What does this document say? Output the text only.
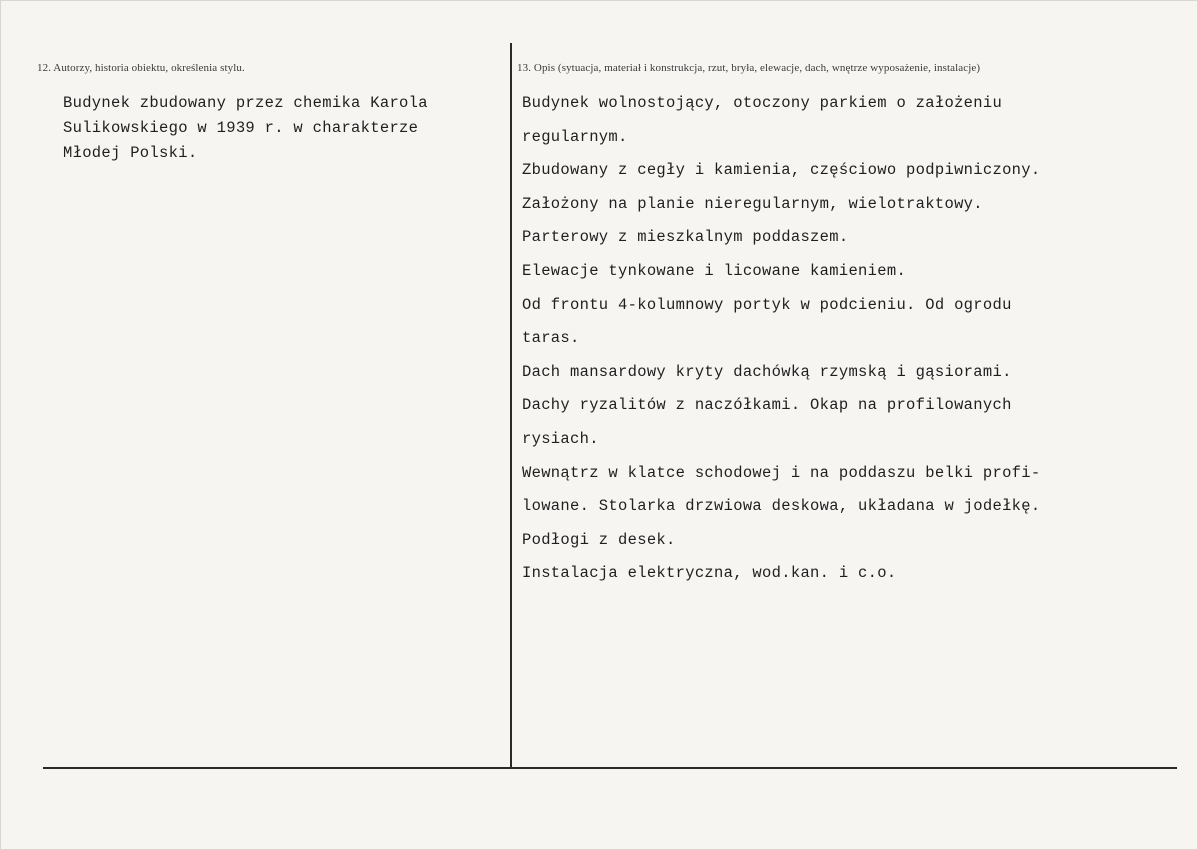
12. Autorzy, historia obiektu, określenia stylu.
Budynek zbudowany przez chemika Karola
Sulikowskiego w 1939 r. w charakterze
Młodej Polski.
13. Opis (sytuacja, materiał i konstrukcja, rzut, bryła, elewacje, dach, wnętrze wyposażenie, instalacje)
Budynek wolnostojący, otoczony parkiem o założeniu
regularnym.
Zbudowany z cegły i kamienia, częściowo podpiwniczony.
Założony na planie nieregularnym, wielotraktowy.
Parterowy z mieszkalnym poddaszem.
Elewacje tynkowane i licowane kamieniem.
Od frontu 4-kolumnowy portyk w podcieniu. Od ogrodu
taras.
Dach mansardowy kryty dachówką rzymską i gąsiorami.
Dachy ryzalitów z naczółkami. Okap na profilowanych
rysiach.
Wewnątrz w klatce schodowej i na poddaszu belki profi-
lowane. Stolarka drzwiowa deskowa, układana w jodełkę.
Podłogi z desek.
Instalacja elektryczna, wod.kan. i c.o.
